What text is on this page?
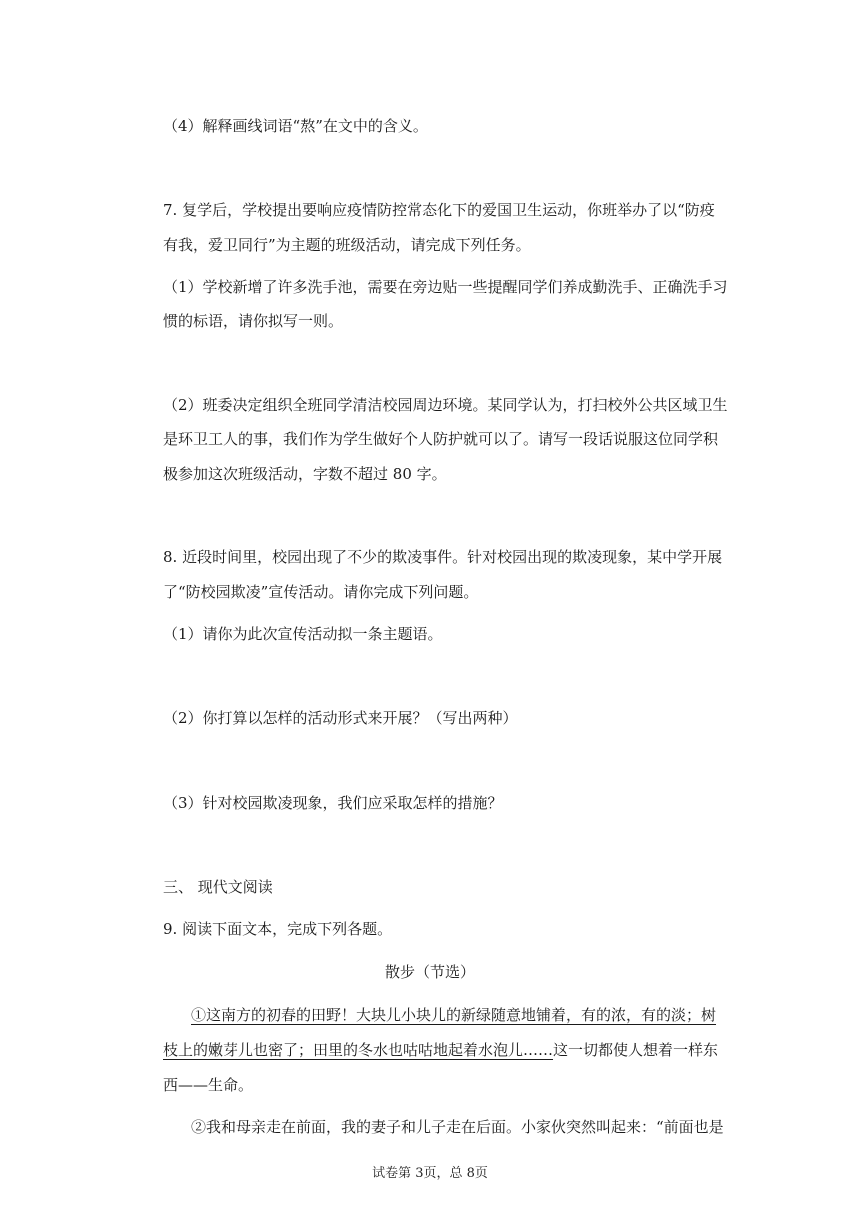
（4）解释画线词语“熬”在文中的含义。
7. 复学后，学校提出要响应疫情防控常态化下的爱国卫生运动，你班举办了以“防疫
有我，爱卫同行”为主题的班级活动，请完成下列任务。
（1）学校新增了许多洗手池，需要在旁边贴一些提醒同学们养成勤洗手、正确洗手习
惯的标语，请你拟写一则。
（2）班委决定组织全班同学清洁校园周边环境。某同学认为，打扫校外公共区域卫生
是环卫工人的事，我们作为学生做好个人防护就可以了。请写一段话说服这位同学积
极参加这次班级活动，字数不超过 80 字。
8. 近段时间里，校园出现了不少的欺凌事件。针对校园出现的欺凌现象，某中学开展
了“防校园欺凌”宣传活动。请你完成下列问题。
（1）请你为此次宣传活动拟一条主题语。
（2）你打算以怎样的活动形式来开展？（写出两种）
（3）针对校园欺凌现象，我们应采取怎样的措施？
三、 现代文阅读
9. 阅读下面文本，完成下列各题。
散步（节选）
①这南方的初春的田野！大块儿小块儿的新绿随意地铺着，有的浓，有的淡；树
枝上的嫩芽儿也密了；田里的冬水也咕咕地起着水泡儿……这一切都使人想着一样东
西——生命。
②我和母亲走在前面，我的妻子和儿子走在后面。小家伙突然叫起来：“前面也是
试卷第 3页，总 8页
